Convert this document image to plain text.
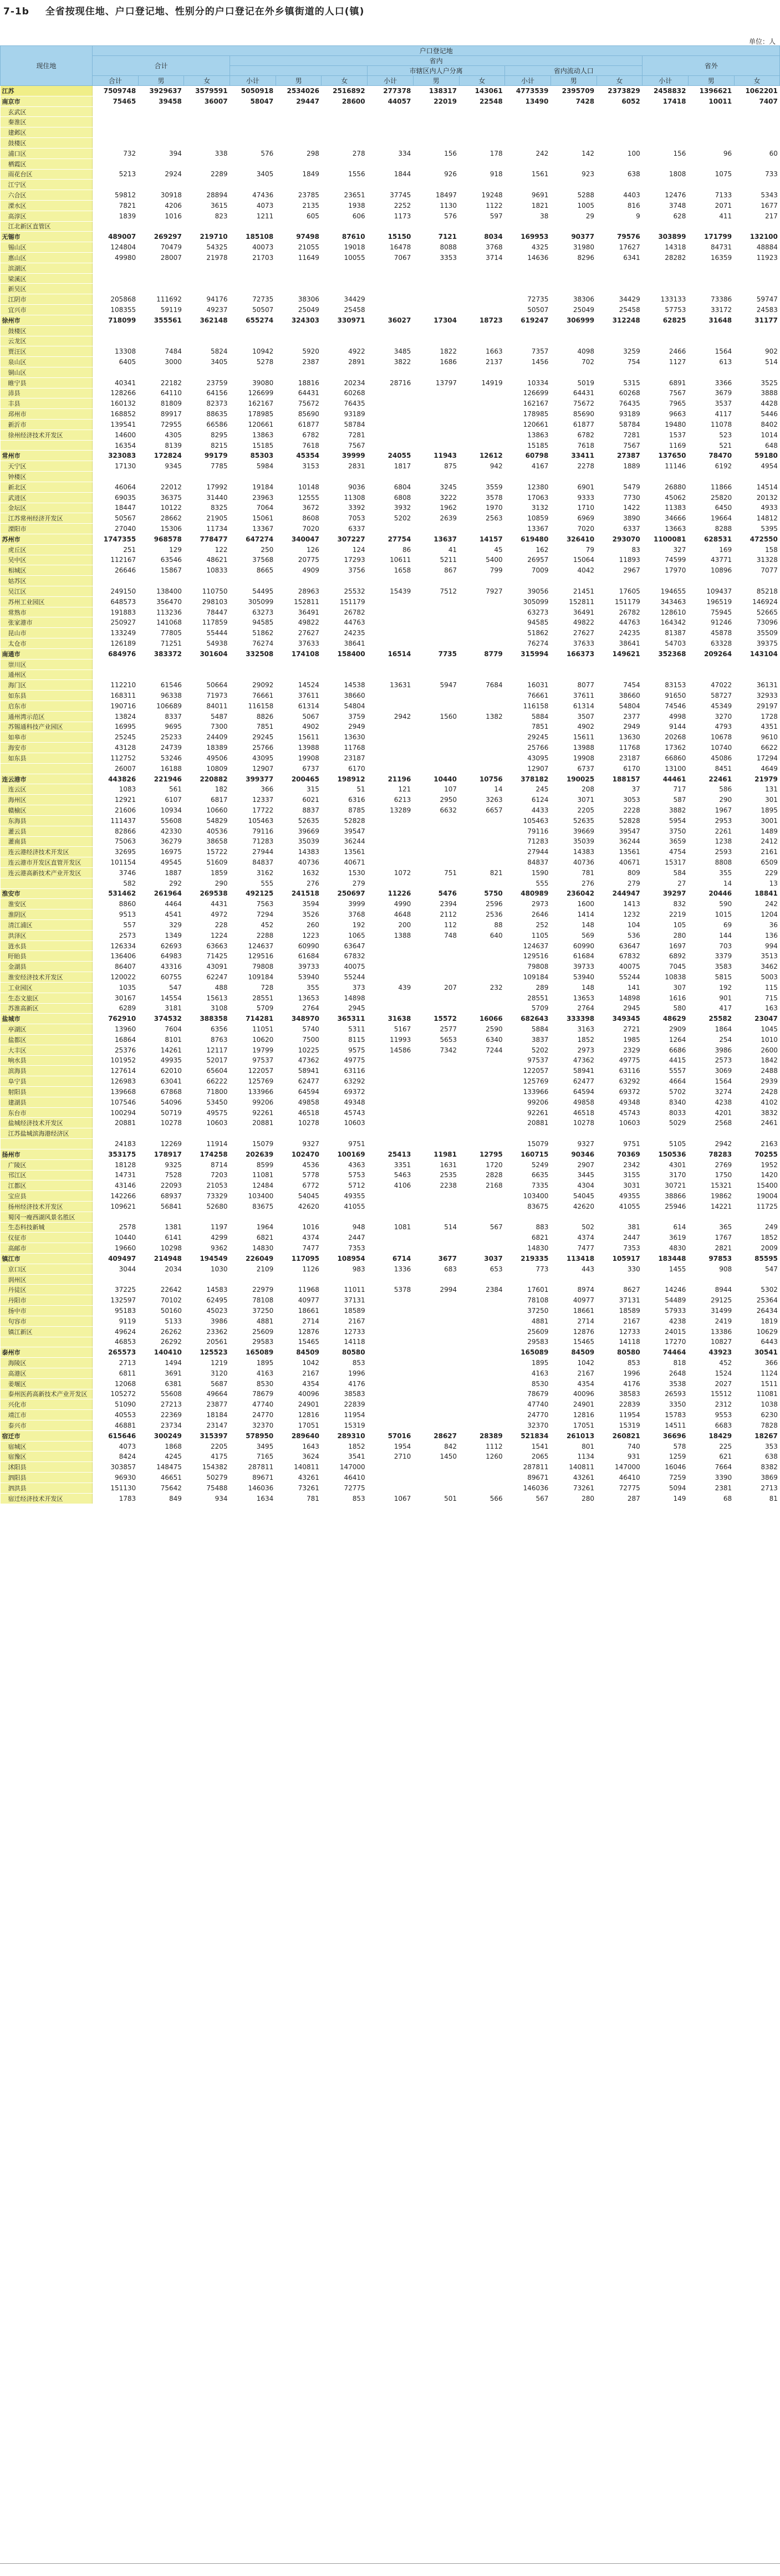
7-1b 全省按现住地、户口登记地、性别分的户口登记在外乡镇街道的人口(镇)
单位：人
现住地	户口登记地														
	合计			省内									省外		
							市辖区内人户分离			省内流动人口					
	合计	男	女	小计	男	女	小计	男	女	小计	男	女	小计	男	女
江苏	7509748	3929637	3579591	5050918	2534026	2516892	277378	138317	143061	4773539	2395709	2373829	2458832	1396621	1062201
南京市	75465	39458	36007	58047	29447	28600	44057	22019	22548	13490	7428	6052	17418	10011	7407
玄武区															
秦淮区															
建邺区															
鼓楼区															
浦口区	732	394	338	576	298	278	334	156	178	242	142	100	156	96	60
栖霞区															
雨花台区	5213	2924	2289	3405	1849	1556	1844	926	918	1561	923	638	1808	1075	733
江宁区															
六合区	59812	30918	28894	47436	23785	23651	37745	18497	19248	9691	5288	4403	12476	7133	5343
溧水区	7821	4206	3615	4073	2135	1938	2252	1130	1122	1821	1005	816	3748	2071	1677
高淳区	1839	1016	823	1211	605	606	1173	576	597	38	29	9	628	411	217
江北新区直管区															
无锡市	489007	269297	219710	185108	97498	87610	15150	7121	8034	169953	90377	79576	303899	171799	132100
锡山区	124804	70479	54325	40073	21055	19018	16478	8088	3768	4325	31980	17627	14318	84731	48884
惠山区	49980	28007	21978	21703	11649	10055	7067	3353	3714	14636	8296	6341	28282	16359	11923
滨湖区															
梁溪区															
新吴区															
江阴市	205868	111692	94176	72735	38306	34429				72735	38306	34429	133133	73386	59747
宜兴市	108355	59119	49237	50507	25049	25458				50507	25049	25458	57753	33172	24583
徐州市	718099	355561	362148	655274	324303	330971	36027	17304	18723	619247	306999	312248	62825	31648	31177
鼓楼区															
云龙区															
贾汪区	13308	7484	5824	10942	5920	4922	3485	1822	1663	7357	4098	3259	2466	1564	902
泉山区	6405	3000	3405	5278	2387	2891	3822	1686	2137	1456	702	754	1127	613	514
铜山区															
睢宁县	40341	22182	23759	39080	18816	20234	28716	13797	14919	10334	5019	5315	6891	3366	3525
沛县	128266	64110	64156	126699	64431	60268				126699	64431	60268	7567	3679	3888
丰县	160132	81809	82373	162167	75672	76435				162167	75672	76435	7965	3537	4428
邳州市	168852	89917	88635	178985	85690	93189				178985	85690	93189	9663	4117	5446
新沂市	139541	72955	66586	120661	61877	58784				120661	61877	58784	19480	11078	8402
徐州经济技术开发区	14600	4305	8295	13863	6782	7281				13863	6782	7281	1537	523	1014
	16354	8139	8215	15185	7618	7567				15185	7618	7567	1169	521	648
常州市	323083	172824	99179	85303	45354	39999	24055	11943	12612	60798	33411	27387	137650	78470	59180
天宁区	17130	9345	7785	5984	3153	2831	1817	875	942	4167	2278	1889	11146	6192	4954
钟楼区															
新北区	46064	22012	17992	19184	10148	9036	6804	3245	3559	12380	6901	5479	26880	11866	14514
武进区	69035	36375	31440	23963	12555	11308	6808	3222	3578	17063	9333	7730	45062	25820	20132
金坛区	18447	10122	8325	7064	3672	3392	3932	1962	1970	3132	1710	1422	11383	6450	4933
江苏常州经济开发区	50567	28662	21905	15061	8608	7053	5202	2639	2563	10859	6969	3890	34666	19664	14812
溧阳市	27040	15306	11734	13367	7020	6337				13367	7020	6337	13663	8288	5395
苏州市	1747355	968578	778477	647274	340047	307227	27754	13637	14157	619480	326410	293070	1100081	628531	472550
虎丘区	251	129	122	250	126	124	86	41	45	162	79	83	327	169	158
吴中区	112167	63546	48621	37568	20775	17293	10611	5211	5400	26957	15064	11893	74599	43771	31328
相城区	26646	15867	10833	8665	4909	3756	1658	867	799	7009	4042	2967	17970	10896	7077
姑苏区															
吴江区	249150	138400	110750	54495	28963	25532	15439	7512	7927	39056	21451	17605	194655	109437	85218
苏州工业园区	648573	356470	298103	305099	152811	151179				305099	152811	151179	343463	196519	146924
常熟市	191883	113236	78447	63273	36491	26782				63273	36491	26782	128610	75945	52665
张家港市	250927	141068	117859	94585	49822	44763				94585	49822	44763	164342	91246	73096
昆山市	133249	77805	55444	51862	27627	24235				51862	27627	24235	81387	45878	35509
太仓市	126189	71251	54938	76274	37633	38641				76274	37633	38641	54703	63328	39375
南通市	684976	383372	301604	332508	174108	158400	16514	7735	8779	315994	166373	149621	352368	209264	143104
崇川区															
通州区															
海门区	112210	61546	50664	29092	14524	14538	13631	5947	7684	16031	8077	7454	83153	47022	36131
如东县	168311	96338	71973	76661	37611	38660				76661	37611	38660	91650	58727	32933
启东市	190716	106689	84011	116158	61314	54804				116158	61314	54804	74546	45349	29197
通州湾示范区	13824	8337	5487	8826	5067	3759	2942	1560	1382	5884	3507	2377	4998	3270	1728
苏锡通科技产业园区	16995	9695	7300	7851	4902	2949				7851	4902	2949	9144	4793	4351
如皋市	25245	25233	24409	29245	15611	13630				29245	15611	13630	20268	10678	9610
海安市	43128	24739	18389	25766	13988	11768				25766	13988	11768	17362	10740	6622
如东县	112752	53246	49506	43095	19908	23187				43095	19908	23187	66860	45086	17294
	26007	16188	10809	12907	6737	6170				12907	6737	6170	13100	8451	4649
连云港市	443826	221946	220882	399377	200465	198912	21196	10440	10756	378182	190025	188157	44461	22461	21979
连云区	1083	561	182	366	315	51	121	107	14	245	208	37	717	586	131
海州区	12921	6107	6817	12337	6021	6316	6213	2950	3263	6124	3071	3053	587	290	301
赣榆区	21606	10934	10660	17722	8837	8785	13289	6632	6657	4433	2205	2228	3882	1967	1895
东海县	111437	55608	54829	105463	52635	52828				105463	52635	52828	5954	2953	3001
灌云县	82866	42330	40536	79116	39669	39547				79116	39669	39547	3750	2261	1489
灌南县	75063	36279	38658	71283	35039	36244				71283	35039	36244	3659	1238	2412
连云港经济技术开发区	32695	16975	15722	27944	14383	13561				27944	14383	13561	4754	2593	2161
连云港市开发区直管开发区	101154	49545	51609	84837	40736	40671				84837	40736	40671	15317	8808	6509
连云港高新技术产业开发区	3746	1887	1859	3162	1632	1530	1072	751	821	1590	781	809	584	355	229
	582	292	290	555	276	279				555	276	279	27	14	13
淮安市	531462	261964	269538	492125	241518	250697	11226	5476	5750	480989	236042	244947	39297	20446	18841
淮安区	8860	4464	4431	7563	3594	3999	4990	2394	2596	2973	1600	1413	832	590	242
淮阴区	9513	4541	4972	7294	3526	3768	4648	2112	2536	2646	1414	1232	2219	1015	1204
清江浦区	557	329	228	452	260	192	200	112	88	252	148	104	105	69	36
洪泽区	2573	1349	1224	2288	1223	1065	1388	748	640	1105	569	536	280	144	136
涟水县	126334	62693	63663	124637	60990	63647				124637	60990	63647	1697	703	994
盱眙县	136406	64983	71425	129516	61684	67832				129516	61684	67832	6892	3379	3513
金湖县	86407	43316	43091	79808	39733	40075				79808	39733	40075	7045	3583	3462
淮安经济技术开发区	120022	60755	62247	109184	53940	55244				109184	53940	55244	10838	5815	5003
工业园区	1035	547	488	728	355	373	439	207	232	289	148	141	307	192	115
生态文旅区	30167	14554	15613	28551	13653	14898				28551	13653	14898	1616	901	715
苏淮高新区	6289	3181	3108	5709	2764	2945				5709	2764	2945	580	417	163
盐城市	762910	374532	388358	714281	348970	365311	31638	15572	16066	682643	333398	349345	48629	25582	23047
亭湖区	13960	7604	6356	11051	5740	5311	5167	2577	2590	5884	3163	2721	2909	1864	1045
盐都区	16864	8101	8763	10620	7500	8115	11993	5653	6340	3837	1852	1985	1264	254	1010
大丰区	25376	14261	12117	19799	10225	9575	14586	7342	7244	5202	2973	2329	6686	3986	2600
响水县	101952	49935	52017	97537	47362	49775				97537	47362	49775	4415	2573	1842
滨海县	127614	62010	65604	122057	58941	63116				122057	58941	63116	5557	3069	2488
阜宁县	126983	63041	66222	125769	62477	63292				125769	62477	63292	4664	1564	2939
射阳县	139668	67868	71800	133966	64594	69372				133966	64594	69372	5702	3274	2428
建湖县	107546	54096	53450	99206	49858	49348				99206	49858	49348	8340	4238	4102
东台市	100294	50719	49575	92261	46518	45743				92261	46518	45743	8033	4201	3832
盐城经济技术开发区	20881	10278	10603	20881	10278	10603				20881	10278	10603	5029	2568	2461
江苏盐城滨海港经济区															
	24183	12269	11914	15079	9327	9751				15079	9327	9751	5105	2942	2163
扬州市	353175	178917	174258	202639	102470	100169	25413	11981	12795	160715	90346	70369	150536	78283	70255
广陵区	18128	9325	8714	8599	4536	4363	3351	1631	1720	5249	2907	2342	4301	2769	1952
邗江区	14731	7528	7203	11081	5778	5753	5463	2535	2828	6635	3445	3155	3170	1750	1420
江都区	43146	22093	21053	12484	6772	5712	4106	2238	2168	7335	4304	3031	30721	15321	15400
宝应县	142266	68937	73329	103400	54045	49355				103400	54045	49355	38866	19862	19004
扬州经济技术开发区	109621	56841	52680	83675	42620	41055				83675	42620	41055	25946	14221	11725
蜀冈一瘦西湖风景名胜区															
生态科技新城	2578	1381	1197	1964	1016	948	1081	514	567	883	502	381	614	365	249
仪征市	10440	6141	4299	6821	4374	2447				6821	4374	2447	3619	1767	1852
高邮市	19660	10298	9362	14830	7477	7353				14830	7477	7353	4830	2821	2009
镇江市	409497	214948	194549	226049	117095	108954	6714	3677	3037	219335	113418	105917	183448	97853	85595
京口区	3044	2034	1030	2109	1126	983	1336	683	653	773	443	330	1455	908	547
润州区															
丹徒区	37225	22642	14583	22979	11968	11011	5378	2994	2384	17601	8974	8627	14246	8944	5302
丹阳市	132597	70102	62495	78108	40977	37131				78108	40977	37131	54489	29125	25364
扬中市	95183	50160	45023	37250	18661	18589				37250	18661	18589	57933	31499	26434
句容市	9119	5133	3986	4881	2714	2167				4881	2714	2167	4238	2419	1819
镇江新区	49624	26262	23362	25609	12876	12733				25609	12876	12733	24015	13386	10629
	46853	26292	20561	29583	15465	14118				29583	15465	14118	17270	10827	6443
泰州市	265573	140410	125523	165089	84509	80580				165089	84509	80580	74464	43923	30541
海陵区	2713	1494	1219	1895	1042	853				1895	1042	853	818	452	366
高港区	6811	3691	3120	4163	2167	1996				4163	2167	1996	2648	1524	1124
姜堰区	12068	6381	5687	8530	4354	4176				8530	4354	4176	3538	2027	1511
泰州医药高新技术产业开发区	105272	55608	49664	78679	40096	38583				78679	40096	38583	26593	15512	11081
兴化市	51090	27213	23877	47740	24901	22839				47740	24901	22839	3350	2312	1038
靖江市	40553	22369	18184	24770	12816	11954				24770	12816	11954	15783	9553	6230
泰兴市	46881	23734	23147	32370	17051	15319				32370	17051	15319	14511	6683	7828
宿迁市	615646	300249	315397	578950	289640	289310	57016	28627	28389	521834	261013	260821	36696	18429	18267
宿城区	4073	1868	2205	3495	1643	1852	1954	842	1112	1541	801	740	578	225	353
宿豫区	8424	4245	4175	7165	3624	3541	2710	1450	1260	2065	1134	931	1259	621	638
沭阳县	303857	148475	154382	287811	140811	147000				287811	140811	147000	16046	7664	8382
泗阳县	96930	46651	50279	89671	43261	46410				89671	43261	46410	7259	3390	3869
泗洪县	151130	75642	75488	146036	73261	72775				146036	73261	72775	5094	2381	2713
宿迁经济技术开发区	1783	849	934	1634	781	853	1067	501	566	567	280	287	149	68	81
